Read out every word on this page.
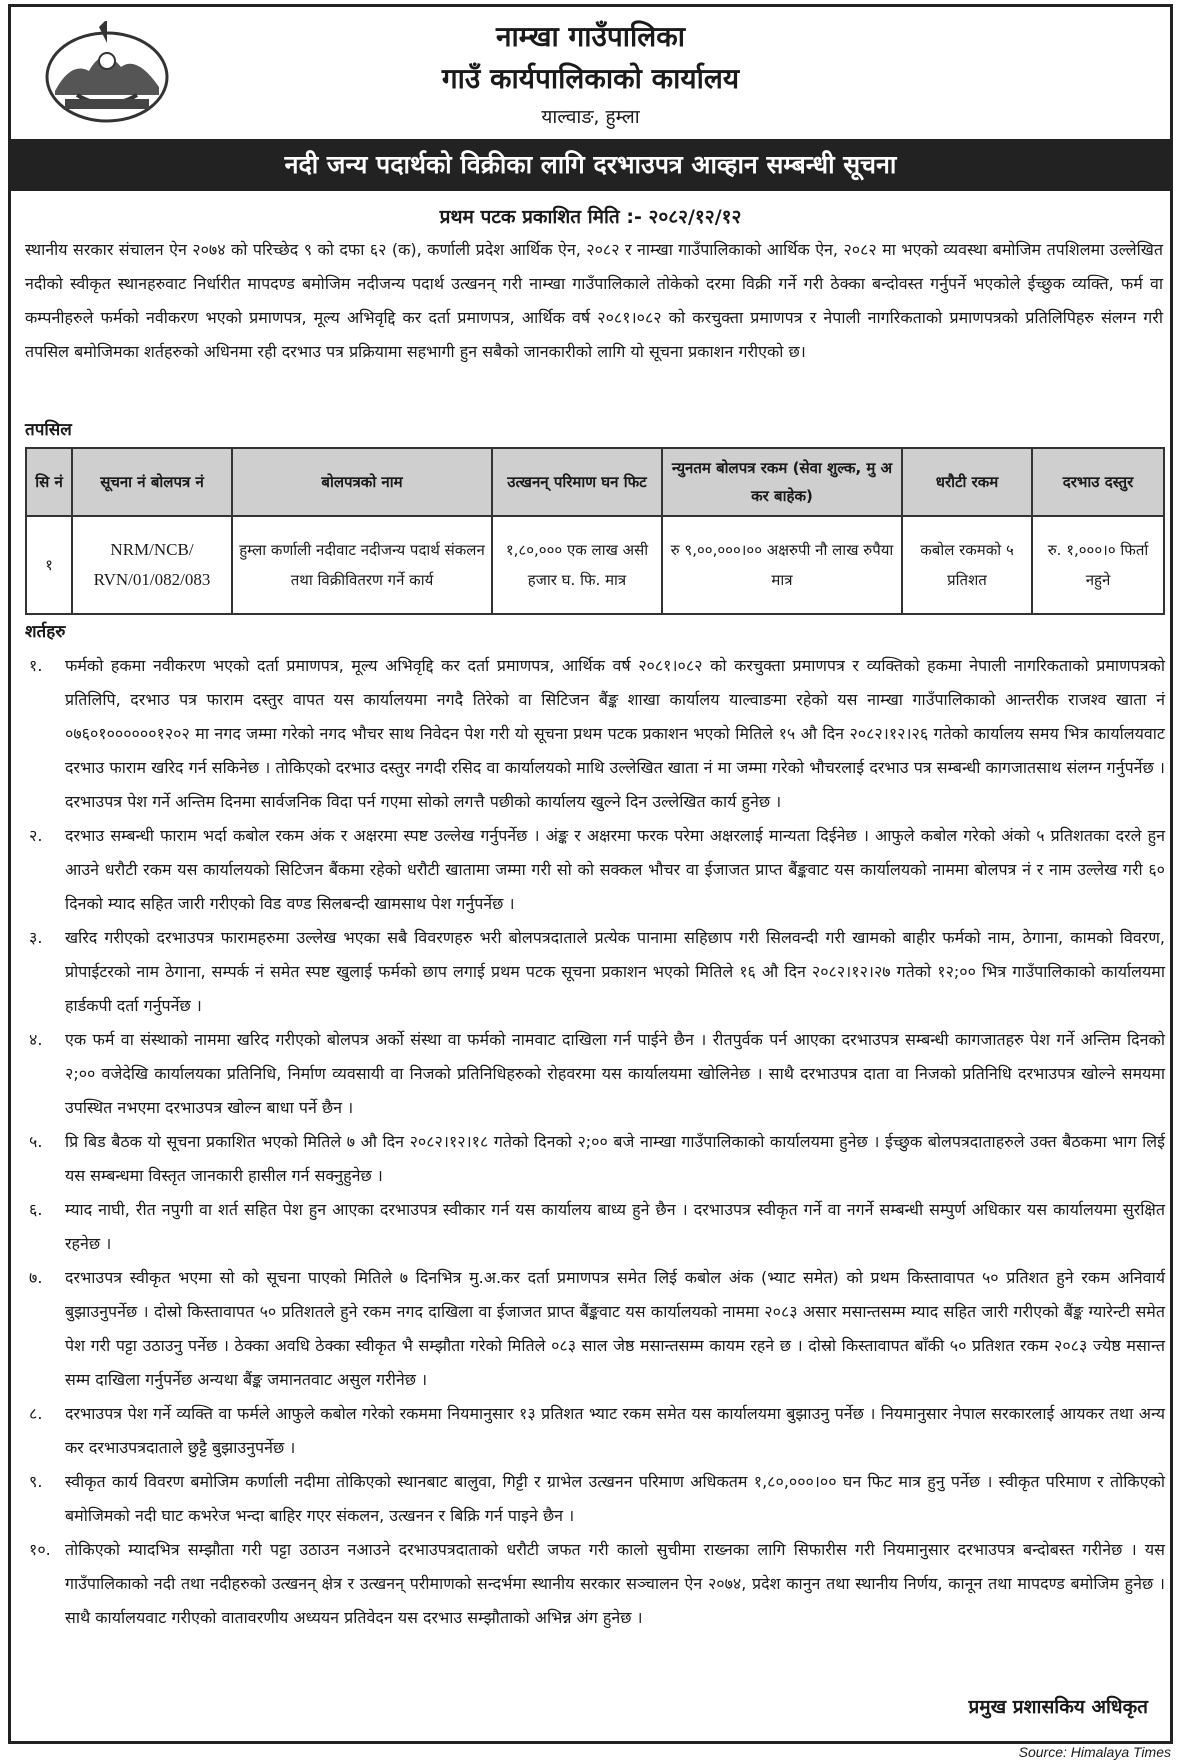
नाम्खा गाउँपालिका
गाउँ कार्यपालिकाको कार्यालय
याल्वाङ, हुम्ला
नदी जन्य पदार्थको विक्रीका लागि दरभाउपत्र आव्हान सम्बन्धी सूचना
प्रथम पटक प्रकाशित मिति :- २०८२/१२/१२

स्थानीय सरकार संचालन ऐन २०७४ को परिच्छेद ९ को दफा ६२ (क), कर्णाली प्रदेश आर्थिक ऐन, २०८२ र नाम्खा गाउँपालिकाको आर्थिक ऐन, २०८२ मा भएको व्यवस्था बमोजिम तपशिलमा उल्लेखित नदीको स्वीकृत स्थानहरुवाट निर्धारीत मापदण्ड बमोजिम नदीजन्य पदार्थ उत्खनन् गरी नाम्खा गाउँपालिकाले तोकेको दरमा विक्री गर्ने गरी ठेक्का बन्दोवस्त गर्नुपर्ने भएकोले ईच्छुक व्यक्ति, फर्म वा कम्पनीहरुले फर्मको नवीकरण भएको प्रमाणपत्र, मूल्य अभिवृद्दि कर दर्ता प्रमाणपत्र, आर्थिक वर्ष २०८१।०८२ को करचुक्ता प्रमाणपत्र र नेपाली नागरिकताको प्रमाणपत्रको प्रतिलिपिहरु संलग्न गरी तपसिल बमोजिमका शर्तहरुको अधिनमा रही दरभाउ पत्र प्रक्रियामा सहभागी हुन सबैको जानकारीको लागि यो सूचना प्रकाशन गरीएको छ।

तपसिल
सि नं	सूचना नं बोलपत्र नं	बोलपत्रको नाम	उत्खनन् परिमाण घन फिट	न्युनतम बोलपत्र रकम (सेवा शुल्क, मु अ कर बाहेक)	धरौटी रकम	दरभाउ दस्तुर
१	NRM/NCB/ RVN/01/082/083	हुम्ला कर्णाली नदीवाट नदीजन्य पदार्थ संकलन तथा विक्रीवितरण गर्ने कार्य	१,८०,००० एक लाख असी हजार घ. फि. मात्र	रु ९,००,०००।०० अक्षरुपी नौ लाख रुपैया मात्र	कबोल रकमको ५ प्रतिशत	रु. १,०००।० फिर्ता नहुने
शर्तहरु
१. फर्मको हकमा नवीकरण भएको दर्ता प्रमाणपत्र, मूल्य अभिवृद्दि कर दर्ता प्रमाणपत्र, आर्थिक वर्ष २०८१।०८२ को करचुक्ता प्रमाणपत्र र व्यक्तिको हकमा नेपाली नागरिकताको प्रमाणपत्रको प्रतिलिपि, दरभाउ पत्र फाराम दस्तुर वापत यस कार्यालयमा नगदै तिरेको वा सिटिजन बैंङ्क शाखा कार्यालय याल्वाङमा रहेको यस नाम्खा गाउँपालिकाको आन्तरीक राजश्व खाता नं ०७६०१००००००१२०२ मा नगद जम्मा गरेको नगद भौचर साथ निवेदन पेश गरी यो सूचना प्रथम पटक प्रकाशन भएको मितिले १५ औ दिन २०८२।१२।२६ गतेको कार्यालय समय भित्र कार्यालयवाट दरभाउ फाराम खरिद गर्न सकिनेछ । तोकिएको दरभाउ दस्तुर नगदी रसिद वा कार्यालयको माथि उल्लेखित खाता नं मा जम्मा गरेको भौचरलाई दरभाउ पत्र सम्बन्धी कागजातसाथ संलग्न गर्नुपर्नेछ । दरभाउपत्र पेश गर्ने अन्तिम दिनमा सार्वजनिक विदा पर्न गएमा सोको लगत्तै पछीको कार्यालय खुल्ने दिन उल्लेखित कार्य हुनेछ ।
२. दरभाउ सम्बन्धी फाराम भर्दा कबोल रकम अंक र अक्षरमा स्पष्ट उल्लेख गर्नुपर्नेछ । अंङ्क र अक्षरमा फरक परेमा अक्षरलाई मान्यता दिईनेछ । आफुले कबोल गरेको अंको ५ प्रतिशतका दरले हुन आउने धरौटी रकम यस कार्यालयको सिटिजन बैंकमा रहेको धरौटी खातामा जम्मा गरी सो को सक्कल भौचर वा ईजाजत प्राप्त बैंङ्कवाट यस कार्यालयको नाममा बोलपत्र नं र नाम उल्लेख गरी ६० दिनको म्याद सहित जारी गरीएको विड वण्ड सिलबन्दी खामसाथ पेश गर्नुपर्नेछ ।
३. खरिद गरीएको दरभाउपत्र फारामहरुमा उल्लेख भएका सबै विवरणहरु भरी बोलपत्रदाताले प्रत्येक पानामा सहिछाप गरी सिलवन्दी गरी खामको बाहीर फर्मको नाम, ठेगाना, कामको विवरण, प्रोपाईटरको नाम ठेगाना, सम्पर्क नं समेत स्पष्ट खुलाई फर्मको छाप लगाई प्रथम पटक सूचना प्रकाशन भएको मितिले १६ औ दिन २०८२।१२।२७ गतेको १२;०० भित्र गाउँपालिकाको कार्यालयमा हार्डकपी दर्ता गर्नुपर्नेछ ।
४. एक फर्म वा संस्थाको नाममा खरिद गरीएको बोलपत्र अर्को संस्था वा फर्मको नामवाट दाखिला गर्न पाईने छैन । रीतपुर्वक पर्न आएका दरभाउपत्र सम्बन्धी कागजातहरु पेश गर्ने अन्तिम दिनको २;०० वजेदेखि कार्यालयका प्रतिनिधि, निर्माण व्यवसायी वा निजको प्रतिनिधिहरुको रोहवरमा यस कार्यालयमा खोलिनेछ । साथै दरभाउपत्र दाता वा निजको प्रतिनिधि दरभाउपत्र खोल्ने समयमा उपस्थित नभएमा दरभाउपत्र खोल्न बाधा पर्ने छैन ।
५. प्रि बिड बैठक यो सूचना प्रकाशित भएको मितिले ७ औ दिन २०८२।१२।१८ गतेको दिनको २;०० बजे नाम्खा गाउँपालिकाको कार्यालयमा हुनेछ । ईच्छुक बोलपत्रदाताहरुले उक्त बैठकमा भाग लिई यस सम्बन्धमा विस्तृत जानकारी हासील गर्न सक्नुहुनेछ ।
६. म्याद नाघी, रीत नपुगी वा शर्त सहित पेश हुन आएका दरभाउपत्र स्वीकार गर्न यस कार्यालय बाध्य हुने छैन । दरभाउपत्र स्वीकृत गर्ने वा नगर्ने सम्बन्धी सम्पुर्ण अधिकार यस कार्यालयमा सुरक्षित रहनेछ ।
७. दरभाउपत्र स्वीकृत भएमा सो को सूचना पाएको मितिले ७ दिनभित्र मु.अ.कर दर्ता प्रमाणपत्र समेत लिई कबोल अंक (भ्याट समेत) को प्रथम किस्तावापत ५० प्रतिशत हुने रकम अनिवार्य बुझाउनुपर्नेछ । दोस्रो किस्तावापत ५० प्रतिशतले हुने रकम नगद दाखिला वा ईजाजत प्राप्त बैंङ्कवाट यस कार्यालयको नाममा २०८३ असार मसान्तसम्म म्याद सहित जारी गरीएको बैंङ्क ग्यारेन्टी समेत पेश गरी पट्टा उठाउनु पर्नेछ । ठेक्का अवधि ठेक्का स्वीकृत भै सम्झौता गरेको मितिले ०८३ साल जेष्ठ मसान्तसम्म कायम रहने छ । दोस्रो किस्तावापत बाँकी ५० प्रतिशत रकम २०८३ ज्येष्ठ मसान्त सम्म दाखिला गर्नुपर्नेछ अन्यथा बैंङ्क जमानतवाट असुल गरीनेछ ।
८. दरभाउपत्र पेश गर्ने व्यक्ति वा फर्मले आफुले कबोल गरेको रकममा नियमानुसार १३ प्रतिशत भ्याट रकम समेत यस कार्यालयमा बुझाउनु पर्नेछ । नियमानुसार नेपाल सरकारलाई आयकर तथा अन्य कर दरभाउपत्रदाताले छुट्टै बुझाउनुपर्नेछ ।
९. स्वीकृत कार्य विवरण बमोजिम कर्णाली नदीमा तोकिएको स्थानबाट बालुवा, गिट्टी र ग्राभेल उत्खनन परिमाण अधिकतम १,८०,०००।०० घन फिट मात्र हुनु पर्नेछ । स्वीकृत परिमाण र तोकिएको बमोजिमको नदी घाट कभरेज भन्दा बाहिर गएर संकलन, उत्खनन र बिक्रि गर्न पाइने छैन ।
१०. तोकिएको म्यादभित्र सम्झौता गरी पट्टा उठाउन नआउने दरभाउपत्रदाताको धरौटी जफत गरी कालो सुचीमा राख्नका लागि सिफारीस गरी नियमानुसार दरभाउपत्र बन्दोबस्त गरीनेछ । यस गाउँपालिकाको नदी तथा नदीहरुको उत्खनन् क्षेत्र र उत्खनन् परीमाणको सन्दर्भमा स्थानीय सरकार सञ्चालन ऐन २०७४, प्रदेश कानुन तथा स्थानीय निर्णय, कानून तथा मापदण्ड बमोजिम हुनेछ । साथै कार्यालयवाट गरीएको वातावरणीय अध्ययन प्रतिवेदन यस दरभाउ सम्झौताको अभिन्न अंग हुनेछ ।
प्रमुख प्रशासकिय अधिकृत
Source: Himalaya Times
